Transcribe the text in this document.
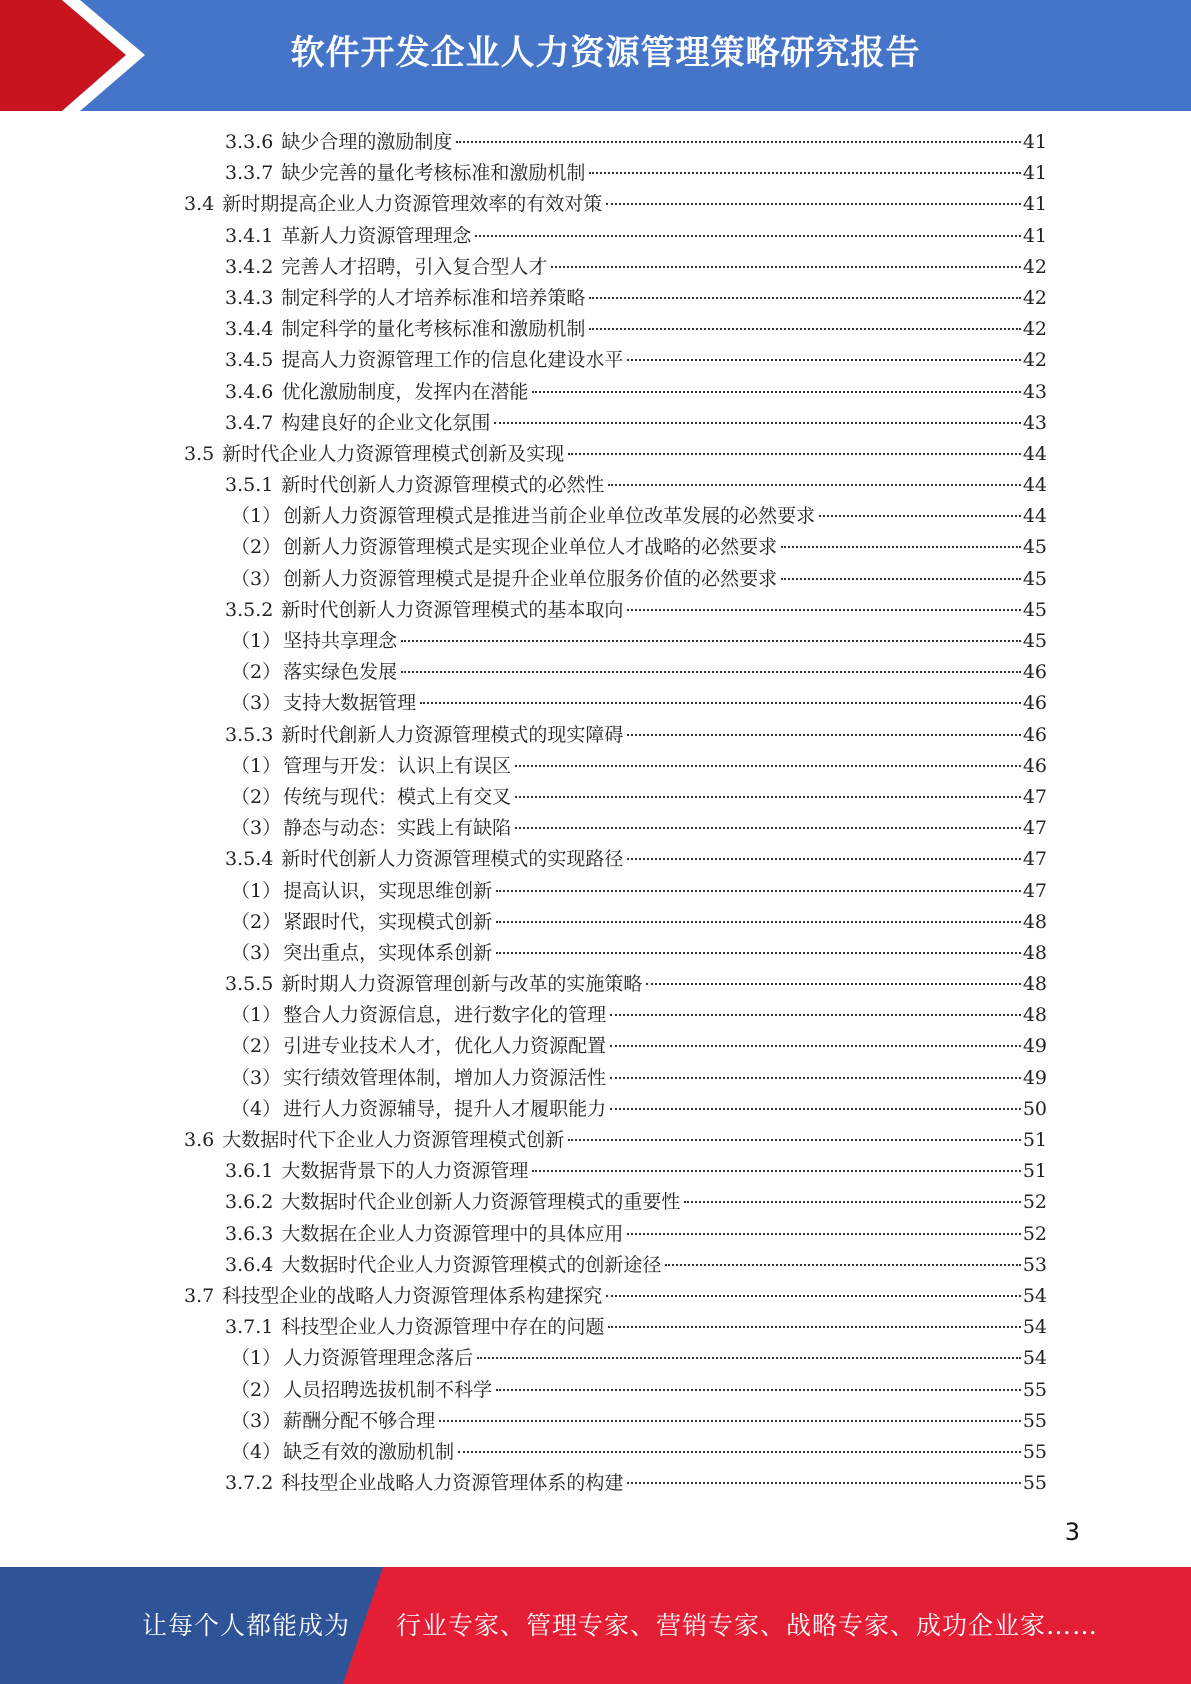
软件开发企业人力资源管理策略研究报告
3.3.6 缺少合理的激励制度	41
3.3.7 缺少完善的量化考核标准和激励机制	41
3.4 新时期提高企业人力资源管理效率的有效对策	41
3.4.1 革新人力资源管理理念	41
3.4.2 完善人才招聘，引入复合型人才	42
3.4.3 制定科学的人才培养标准和培养策略	42
3.4.4 制定科学的量化考核标准和激励机制	42
3.4.5 提高人力资源管理工作的信息化建设水平	42
3.4.6 优化激励制度，发挥内在潜能	43
3.4.7 构建良好的企业文化氛围	43
3.5 新时代企业人力资源管理模式创新及实现	44
3.5.1 新时代创新人力资源管理模式的必然性	44
（1） 创新人力资源管理模式是推进当前企业单位改革发展的必然要求	44
（2） 创新人力资源管理模式是实现企业单位人才战略的必然要求	45
（3） 创新人力资源管理模式是提升企业单位服务价值的必然要求	45
3.5.2 新时代创新人力资源管理模式的基本取向	45
（1） 坚持共享理念	45
（2） 落实绿色发展	46
（3） 支持大数据管理	46
3.5.3 新时代創新人力资源管理模式的现实障碍	46
（1） 管理与开发：认识上有误区	46
（2） 传统与现代：模式上有交叉	47
（3） 静态与动态：实践上有缺陷	47
3.5.4 新时代创新人力资源管理模式的实现路径	47
（1） 提高认识，实现思维创新	47
（2） 紧跟时代，实现模式创新	48
（3） 突出重点，实现体系创新	48
3.5.5 新时期人力资源管理创新与改革的实施策略	48
（1） 整合人力资源信息，进行数字化的管理	48
（2） 引进专业技术人才，优化人力资源配置	49
（3） 实行绩效管理体制，增加人力资源活性	49
（4） 进行人力资源辅导，提升人才履职能力	50
3.6 大数据时代下企业人力资源管理模式创新	51
3.6.1 大数据背景下的人力资源管理	51
3.6.2 大数据时代企业创新人力资源管理模式的重要性	52
3.6.3 大数据在企业人力资源管理中的具体应用	52
3.6.4 大数据时代企业人力资源管理模式的创新途径	53
3.7 科技型企业的战略人力资源管理体系构建探究	54
3.7.1 科技型企业人力资源管理中存在的问题	54
（1） 人力资源管理理念落后	54
（2） 人员招聘选拔机制不科学	55
（3） 薪酬分配不够合理	55
（4） 缺乏有效的激励机制	55
3.7.2 科技型企业战略人力资源管理体系的构建	55
3
让每个人都能成为 行业专家、管理专家、营销专家、战略专家、成功企业家……
